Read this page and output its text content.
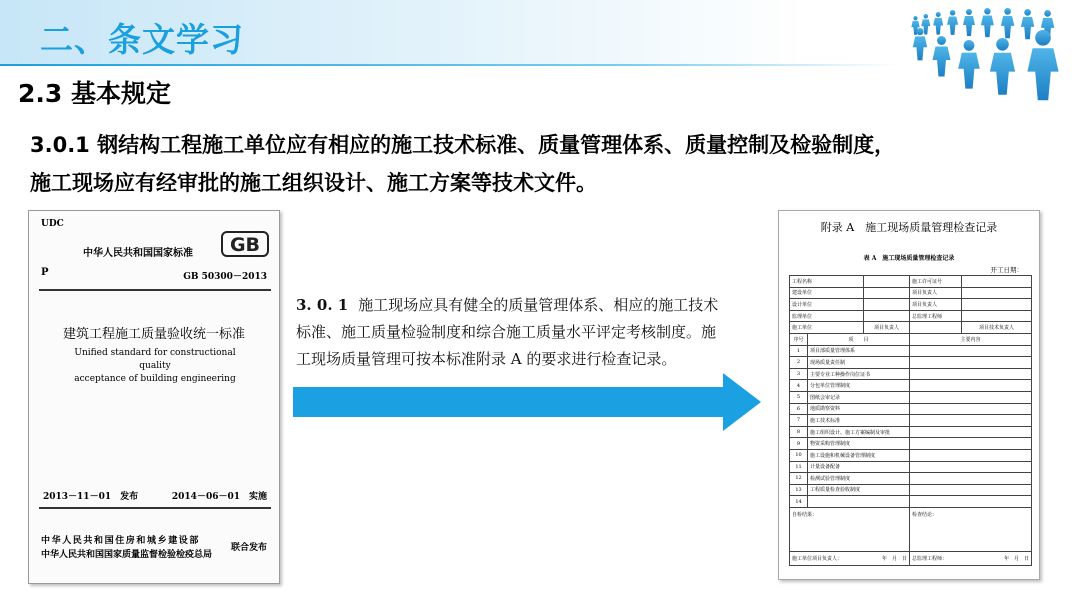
二、条文学习
2.3 基本规定
3.0.1 钢结构工程施工单位应有相应的施工技术标准、质量管理体系、质量控制及检验制度，
施工现场应有经审批的施工组织设计、施工方案等技术文件。
UDC
中华人民共和国国家标准 GB
P	GB 50300－2013
建筑工程施工质量验收统一标准
Unified standard for constructional quality
acceptance of building engineering
2013－11－01　发布	2014－06－01　实施
中华人民共和国住房和城乡建设部
中华人民共和国国家质量监督检验检疫总局
联合发布
3. 0. 1 施工现场应具有健全的质量管理体系、相应的施工技术
标准、施工质量检验制度和综合施工质量水平评定考核制度。施
工现场质量管理可按本标准附录 A 的要求进行检查记录。
附录 A　施工现场质量管理检查记录
表 A　施工现场质量管理检查记录
开工日期：
工程名称			施工许可证号	
建设单位			项目负责人	
设计单位			项目负责人	
监理单位			总监理工程师	
施工单位		项目负责人		项目技术负责人
序号	项　　目		主要内容	
1	项目部质量管理体系			
2	现场质量责任制			
3	主要专业工种操作岗位证书			
4	分包单位管理制度			
5	图纸会审记录			
6	地质勘察资料			
7	施工技术标准			
8	施工组织设计、施工方案编制及审批			
9	物资采购管理制度			
10	施工设施和机械设备管理制度			
11	计量设备配备			
12	检测试验管理制度			
13	工程质量检查验收制度			
14				
自检结果：			检查结论：	
施工单位项目负责人： 年　月　日			总监理工程师： 年　月　日	
